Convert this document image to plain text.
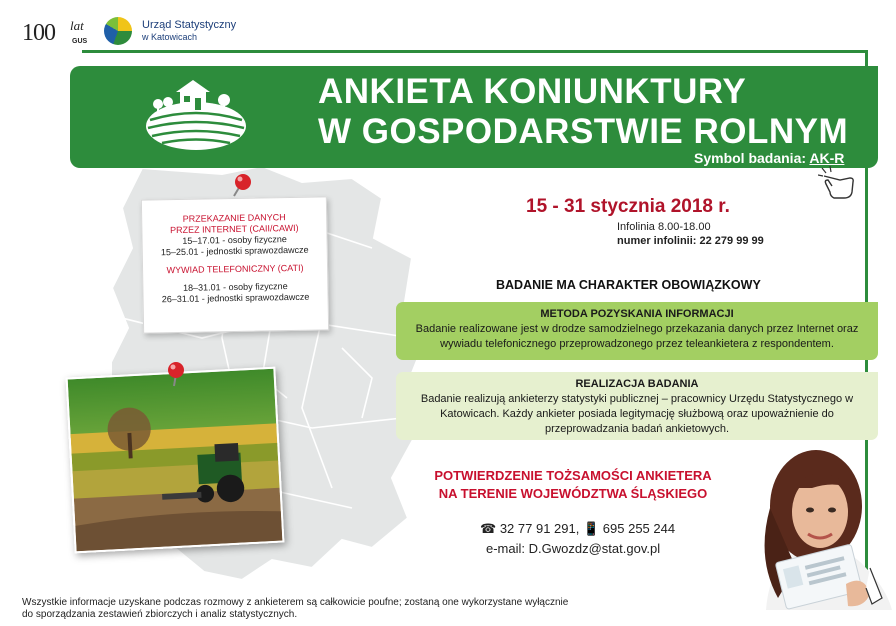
100 lat
GUS
Urząd Statystyczny
w Katowicach
ANKIETA KONIUNKTURY
W GOSPODARSTWIE ROLNYM
Symbol badania: AK-R
PRZEKAZANIE DANYCH
PRZEZ INTERNET (CAII/CAWI)
15–17.01 - osoby fizyczne
15–25.01 - jednostki sprawozdawcze
WYWIAD TELEFONICZNY (CATI)
18–31.01 - osoby fizyczne
26–31.01 - jednostki sprawozdawcze
15 - 31 stycznia 2018 r.
Infolinia 8.00-18.00
numer infolinii: 22 279 99 99
BADANIE MA CHARAKTER OBOWIĄZKOWY
METODA POZYSKANIA INFORMACJI

Badanie realizowane jest w drodze samodzielnego przekazania danych przez Internet oraz wywiadu telefonicznego przeprowadzonego przez teleankietera z respondentem.

REALIZACJA BADANIA

Badanie realizują ankieterzy statystyki publicznej – pracownicy Urzędu Statystycznego w Katowicach. Każdy ankieter posiada legitymację służbową oraz upoważnienie do przeprowadzania badań ankietowych.

POTWIERDZENIE TOŻSAMOŚCI ANKIETERA
NA TERENIE WOJEWÓDZTWA ŚLĄSKIEGO
☎ 32 77 91 291, 📱 695 255 244
e-mail: D.Gwozdz@stat.gov.pl
Wszystkie informacje uzyskane podczas rozmowy z ankieterem są całkowicie poufne; zostaną one wykorzystane wyłącznie
do sporządzania zestawień zbiorczych i analiz statystycznych.
